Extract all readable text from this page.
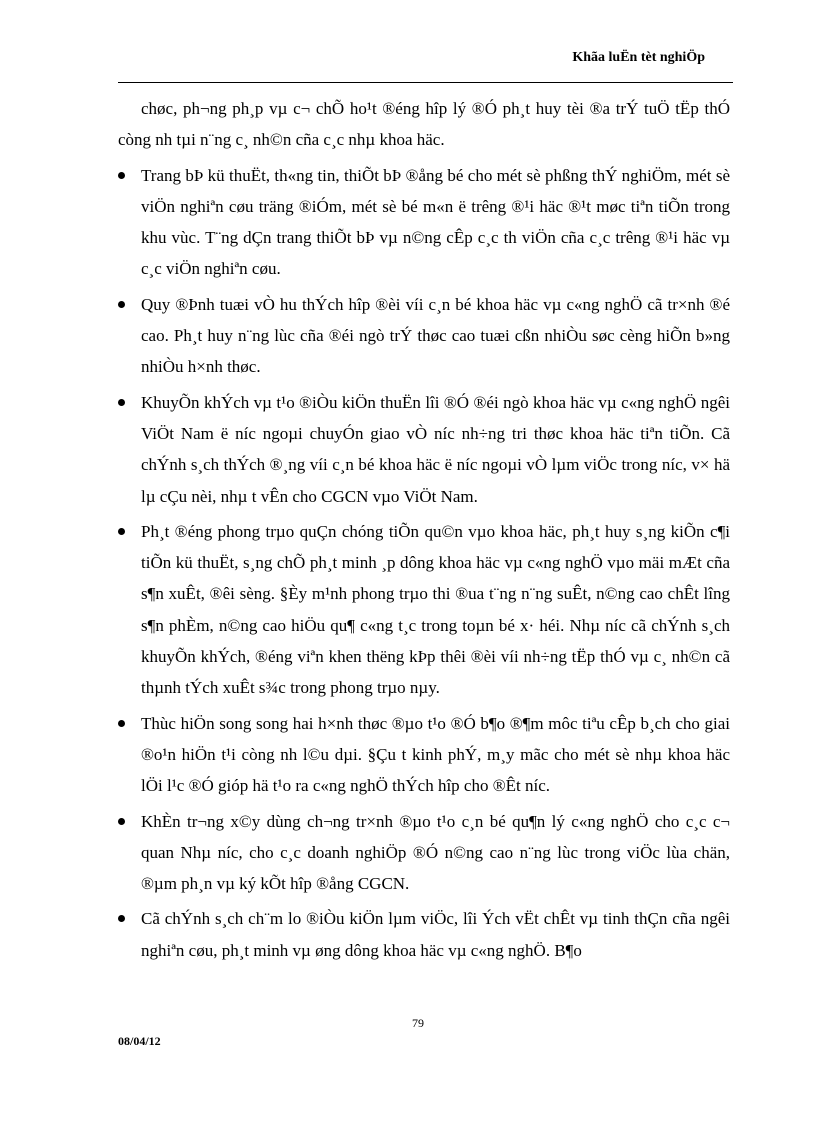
Khãa luËn tèt nghiÖp

chøc, ph¬ng ph¸p vµ c¬ chÕ ho¹t ®éng hîp lý ®Ó ph¸t huy tèi ®a trÝ tuÖ tËp thÓ còng nh tµi n¨ng c¸ nh©n cña c¸c nhµ khoa häc.

Trang bÞ kü thuËt, th«ng tin, thiÕt bÞ ®ång bé cho mét sè phßng thÝ nghiÖm, mét sè viÖn nghiªn cøu träng ®iÓm, mét sè bé m«n ë trêng ®¹i häc ®¹t møc tiªn tiÕn trong khu vùc. T¨ng dÇn trang thiÕt bÞ vµ n©ng cÊp c¸c th viÖn cña c¸c trêng ®¹i häc vµ c¸c viÖn nghiªn cøu.
Quy ®Þnh tuæi vÒ hu thÝch hîp ®èi víi c¸n bé khoa häc vµ c«ng nghÖ cã tr×nh ®é cao. Ph¸t huy n¨ng lùc cña ®éi ngò trÝ thøc cao tuæi cßn nhiÒu søc cèng hiÕn b»ng nhiÒu h×nh thøc.
KhuyÕn khÝch vµ t¹o ®iÒu kiÖn thuËn lîi ®Ó ®éi ngò khoa häc vµ c«ng nghÖ ngêi ViÖt Nam ë níc ngoµi chuyÓn giao vÒ níc nh÷ng tri thøc khoa häc tiªn tiÕn. Cã chÝnh s¸ch thÝch ®¸ng víi c¸n bé khoa häc ë níc ngoµi vÒ lµm viÖc trong níc, v× hä lµ cÇu nèi, nhµ t vÊn cho CGCN vµo ViÖt Nam.
Ph¸t ®éng phong trµo quÇn chóng tiÕn qu©n vµo khoa häc, ph¸t huy s¸ng kiÕn c¶i tiÕn kü thuËt, s¸ng chÕ ph¸t minh ¸p dông khoa häc vµ c«ng nghÖ vµo mäi mÆt cña s¶n xuÊt, ®êi sèng. §Èy m¹nh phong trµo thi ®ua t¨ng n¨ng suÊt, n©ng cao chÊt lîng s¶n phÈm, n©ng cao hiÖu qu¶ c«ng t¸c trong toµn bé x· héi. Nhµ níc cã chÝnh s¸ch khuyÕn khÝch, ®éng viªn khen thëng kÞp thêi ®èi víi nh÷ng tËp thÓ vµ c¸ nh©n cã thµnh tÝch xuÊt s¾c trong phong trµo nµy.
Thùc hiÖn song song hai h×nh thøc ®µo t¹o ®Ó b¶o ®¶m môc tiªu cÊp b¸ch cho giai ®o¹n hiÖn t¹i còng nh l©u dµi. §Çu t kinh phÝ, m¸y mãc cho mét sè nhµ khoa häc lÖi l¹c ®Ó gióp hä t¹o ra c«ng nghÖ thÝch hîp cho ®Êt níc.
KhÈn tr¬ng x©y dùng ch¬ng tr×nh ®µo t¹o c¸n bé qu¶n lý c«ng nghÖ cho c¸c c¬ quan Nhµ níc, cho c¸c doanh nghiÖp ®Ó n©ng cao n¨ng lùc trong viÖc lùa chän, ®µm ph¸n vµ ký kÕt hîp ®ång CGCN.
Cã chÝnh s¸ch ch¨m lo ®iÒu kiÖn lµm viÖc, lîi Ých vËt chÊt vµ tinh thÇn cña ngêi nghiªn cøu, ph¸t minh vµ øng dông khoa häc vµ c«ng nghÖ. B¶o
79
08/04/12
